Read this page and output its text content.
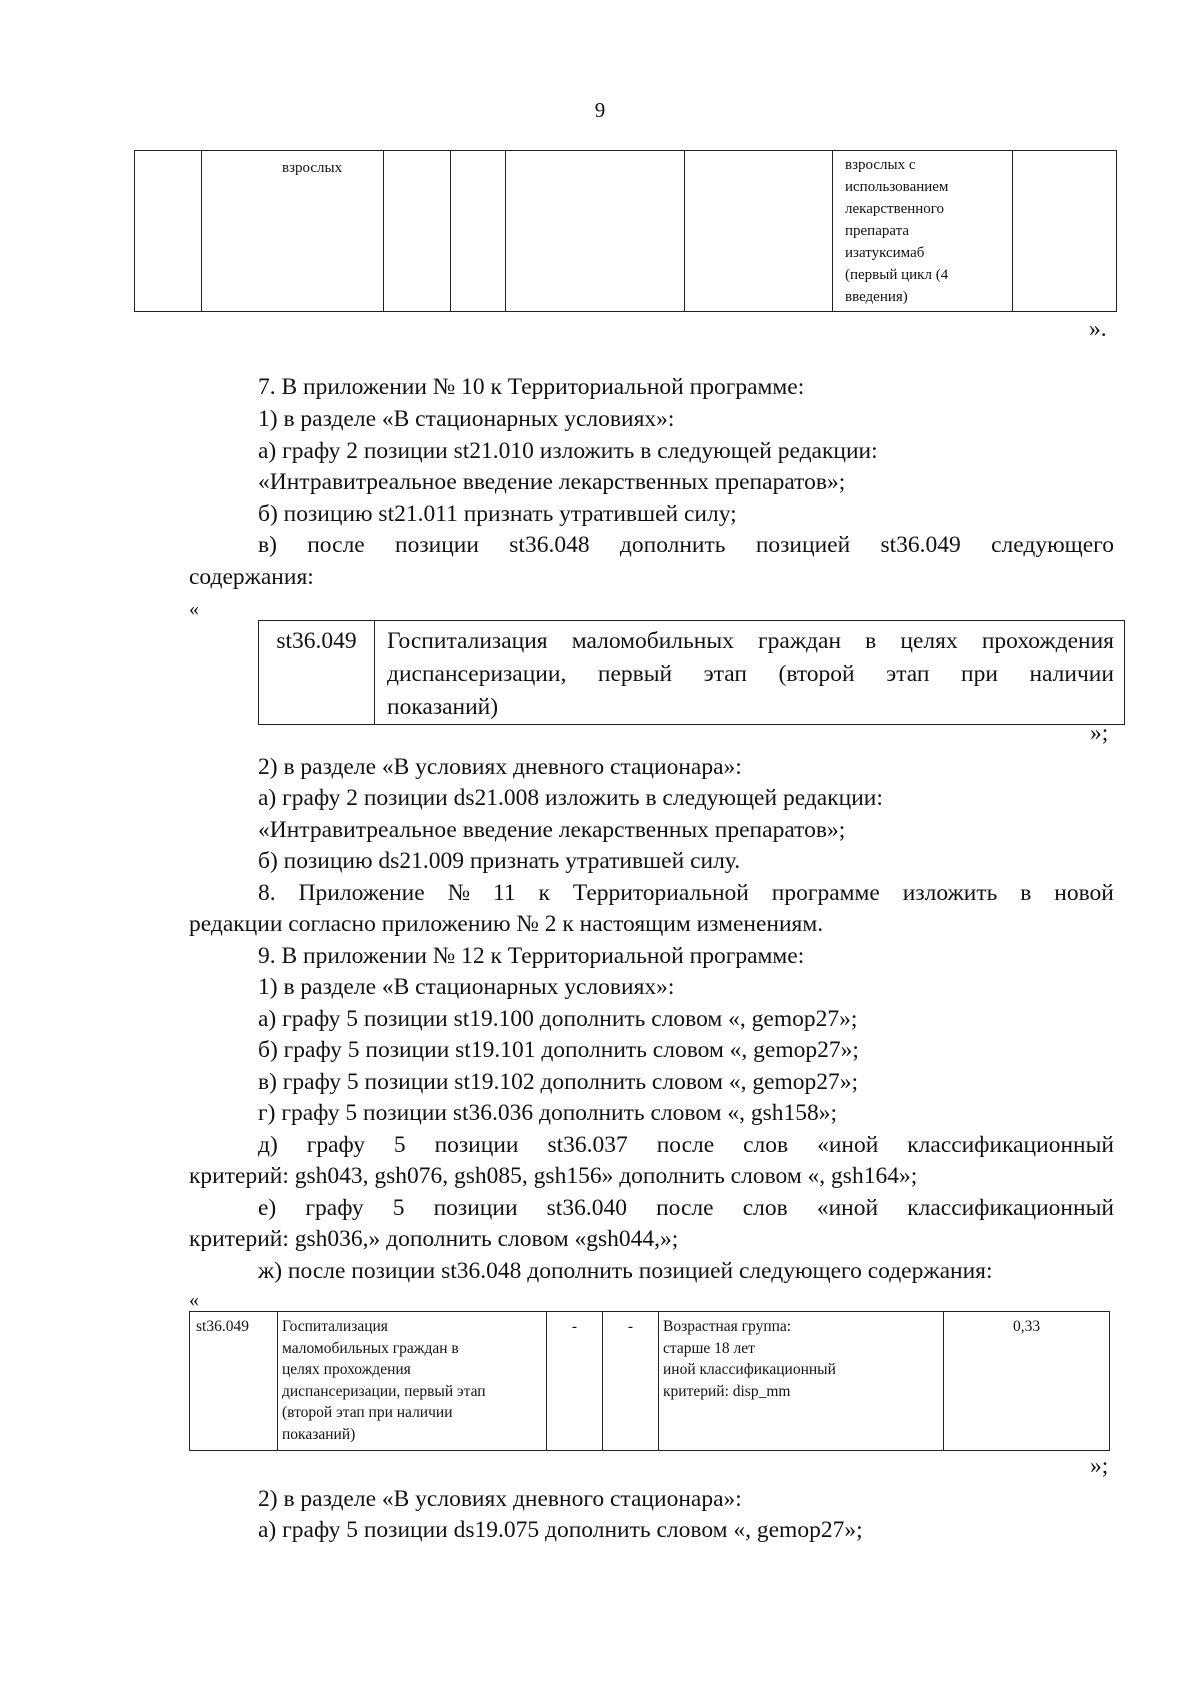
9
	взрослых					взрослых с
использованием
лекарственного
препарата
изатуксимаб
(первый цикл (4
введения)

».
7. В приложении № 10 к Территориальной программе:
1) в разделе «В стационарных условиях»:
а) графу 2 позиции st21.010 изложить в следующей редакции:
«Интравитреальное введение лекарственных препаратов»;
б) позицию st21.011 признать утратившей силу;
в) после позиции st36.048 дополнить позицией st36.049 следующего
содержания:
«
st36.049	Госпитализация маломобильных граждан в целях прохождения
диспансеризации, первый этап (второй этап при наличии
показаний)
»;
2) в разделе «В условиях дневного стационара»:
а) графу 2 позиции ds21.008 изложить в следующей редакции:
«Интравитреальное введение лекарственных препаратов»;
б) позицию ds21.009 признать утратившей силу.
8. Приложение № 11 к Территориальной программе изложить в новой
редакции согласно приложению № 2 к настоящим изменениям.
9. В приложении № 12 к Территориальной программе:
1) в разделе «В стационарных условиях»:
а) графу 5 позиции st19.100 дополнить словом «, gemop27»;
б) графу 5 позиции st19.101 дополнить словом «, gemop27»;
в) графу 5 позиции st19.102 дополнить словом «, gemop27»;
г) графу 5 позиции st36.036 дополнить словом «, gsh158»;
д) графу 5 позиции st36.037 после слов «иной классификационный
критерий: gsh043, gsh076, gsh085, gsh156» дополнить словом «, gsh164»;
е) графу 5 позиции st36.040 после слов «иной классификационный
критерий: gsh036,» дополнить словом «gsh044,»;
ж) после позиции st36.048 дополнить позицией следующего содержания:
«
st36.049	Госпитализация
маломобильных граждан в
целях прохождения
диспансеризации, первый этап
(второй этап при наличии
показаний)
	-	-	Возрастная группа:
старше 18 лет
иной классификационный
критерий: disp_mm
	0,33
»;
2) в разделе «В условиях дневного стационара»:
а) графу 5 позиции ds19.075 дополнить словом «, gemop27»;
